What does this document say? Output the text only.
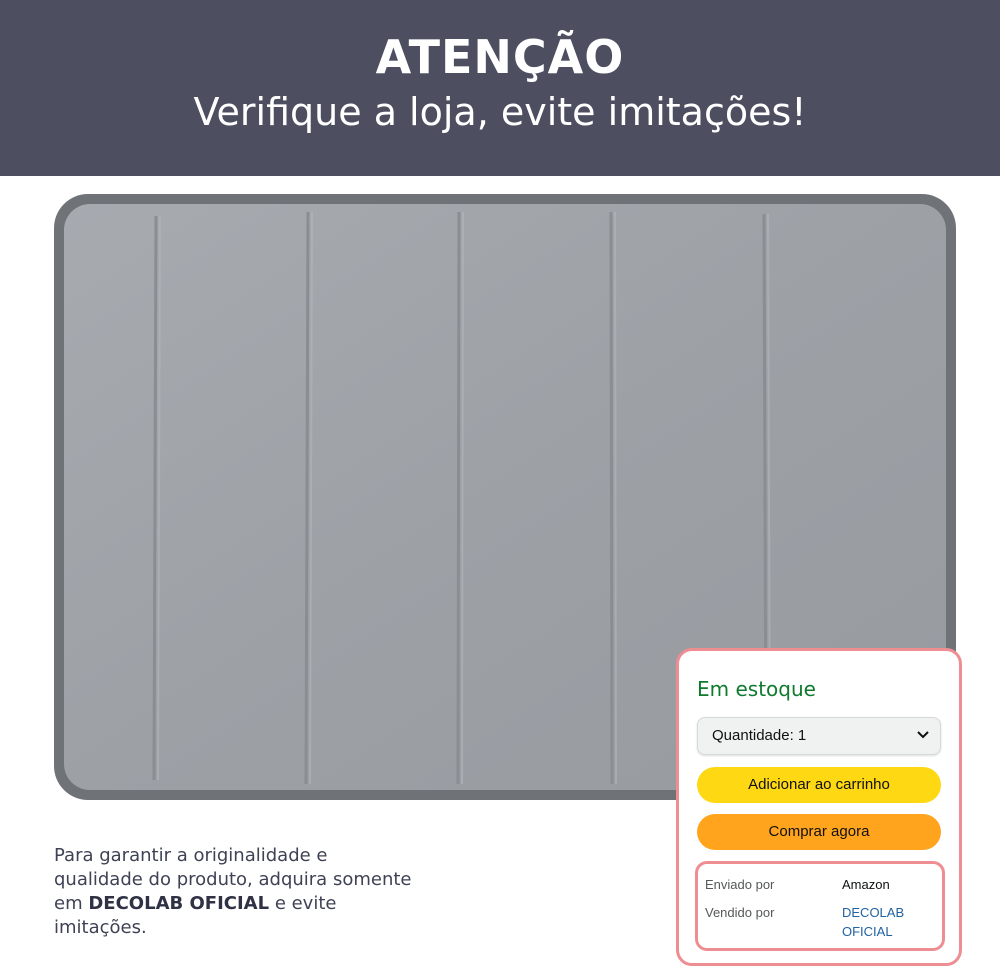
ATENÇÃO
Verifique a loja, evite imitações!
Para garantir a originalidade e qualidade do produto, adquira somente em DECOLAB OFICIAL e evite imitações.
Em estoque
Quantidade: 1
Adicionar ao carrinho
Comprar agora
Enviado por	Amazon
Vendido por	DECOLAB OFICIAL
